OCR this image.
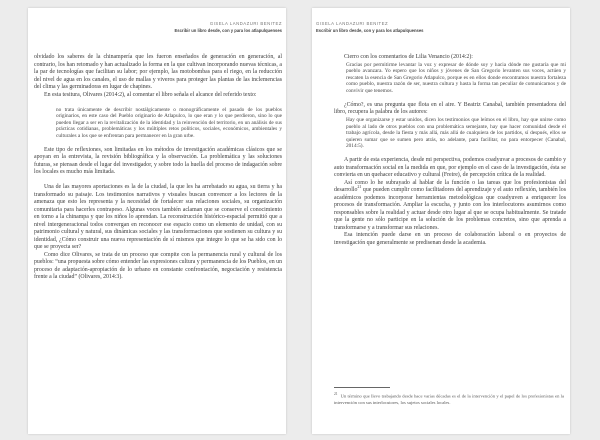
GISELA LANDAZURI BENITEZ
Escribir un libro desde, con y para los atlapulquenses

olvidado los saberes de la chinampería que les fueron enseñados de generación en generación, al contrario, los han retomado y han actualizado la forma en la que cultivan incorporando nuevas técnicas, a la par de tecnologías que facilitan su labor; por ejemplo, las motobombas para el riego, en la reducción del nivel de agua en los canales, el uso de mallas y viveros para proteger las plantas de las inclemencias del clima y las germinadoras en lugar de chapines.

En esta tesitura, Olivares (2014:2), al comentar el libro señala el alcance del referido texto:

no trata únicamente de describir nostálgicamente o monográficamente el pasado de los pueblos originarios, en este caso del Pueblo originario de Atlapulco, lo que eran y lo que perdieron, sino lo que pueden llegar a ser en la revitalización de la identidad y la reinvención del territorio, en un análisis de sus prácticas cotidianas, problemáticas y los múltiples retos políticos, sociales, económicos, ambientales y culturales a los que se enfrentan para permanecer en la gran urbe.

Este tipo de reflexiones, son limitadas en los métodos de investigación académicas clásicos que se apoyan en la entrevista, la revisión bibliográfica y la observación. La problemática y las soluciones futuras, se piensan desde el lugar del investigador, y sobre todo la huella del proceso de indagación sobre los locales es mucho más limitada.

Una de las mayores aportaciones es la de la ciudad, la que les ha arrebatado su agua, su tierra y ha transformado su paisaje. Los testimonios narrativos y visuales buscan convencer a los lectores de la amenaza que esto les representa y la necesidad de fortalecer sus relaciones sociales, su organización comunitaria para hacerles contrapeso. Algunas voces también aclaman que se conserve el conocimiento en torno a la chinampa y que los niños lo aprendan. La reconstrucción histórico-espacial permitió que a nivel intergeneracional todos convergan en reconocer ese espacio como un elemento de unidad, con su patrimonio cultural y natural, sus dinámicas sociales y las transformaciones que sostienen su cultura y su identidad, ¿Cómo construir una nueva representación de sí mismos que integre lo que se ha sido con lo que se proyecta ser?

Como dice Olivares, se trata de un proceso que compite con la permanencia rural y cultural de los pueblos: “una propuesta sobre cómo entender las expresiones cultura y permanencia de los Pueblos, en un proceso de adaptación-apropiación de lo urbano en constante confrontación, negociación y resistencia frente a la ciudad” (Olivares, 2014:3).

GISELA LANDAZURI BENITEZ
Escribir un libro desde, con y para los atlapulquenses

Cierro con los comentarios de Lilia Venancio (2014:2):

Gracias por permitirme levantar la voz y expresar de dónde soy y hacia dónde me gustaría que mi pueblo avanzara. Yo espero que los niños y jóvenes de San Gregorio levanten sus voces, actúen y rescaten la esencia de San Gregorio Atlapulco, porque es en ellos donde encontramos nuestra fortaleza como pueblo, nuestra razón de ser, nuestra cultura y hasta la forma tan peculiar de comunicarnos y de convivir que tenemos.

¿Cómo?, es una pregunta que flota en el aire. Y Beatriz Canabal, también presentadora del libro, recupera la palabra de los autores:

Hay que organizarse y estar unidos, dicen los testimonios que leímos en el libro, hay que unirse como pueblo al lado de otros pueblos con una problemática semejante, hay que hacer comunidad desde el trabajo agrícola, desde la fiesta y más allá, más allá de cualquiera de los partidos, sí después, ellos se quieren sumar que se sumen pero atrás, no adelante, para facilitar, no para entorpecer (Canabal, 2014:5).

A partir de esta experiencia, desde mi perspectiva, podemos coadyuvar a procesos de cambio y auto transformación social en la medida en que, por ejemplo en el caso de la investigación, ésta se convierta en un quehacer educativo y cultural (Freire), de percepción crítica de la realidad.

Así como lo he subrayado al hablar de la función o las tareas que los profesionistas del desarrollo$^{21}$ que pueden cumplir como facilitadores del aprendizaje y el auto reflexión, también los académicos podemos incorporar herramientas metodológicas que coadyuven a enriquecer los procesos de transformación. Ampliar la escucha, y junto con los interlocutores asumirnos como responsables sobre la realidad y actuar desde otro lugar al que se ocupa habitualmente. Se tratade que la gente no sólo participe en la solución de los problemas concretos, sino que aprenda a transformarse y a transformar sus relaciones.

Esa intención puede darse en un proceso de colaboración laboral o en proyectos de investigación que generalmente se predisenan desde la academia.

$^{21}$ Un término que llevo trabajando desde hace varias décadas es el de la intervención y el papel de los profesionistas en la intervención con sus interlocutores, los sujetos sociales locales.
